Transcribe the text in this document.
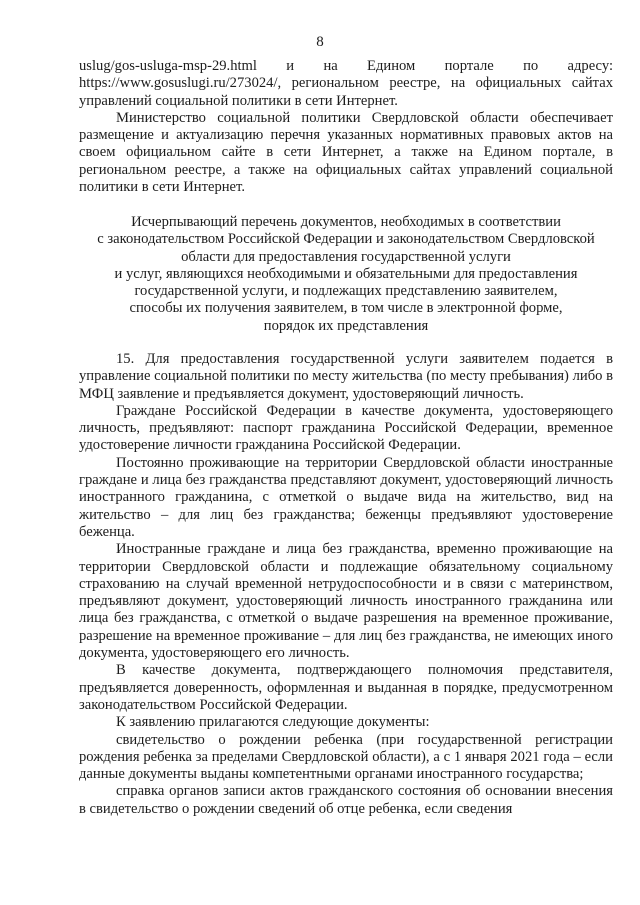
8

uslug/gos-usluga-msp-29.html и на Едином портале по адресу: https://www.gosuslugi.ru/273024/, региональном реестре, на официальных сайтах управлений социальной политики в сети Интернет.

Министерство социальной политики Свердловской области обеспечивает размещение и актуализацию перечня указанных нормативных правовых актов на своем официальном сайте в сети Интернет, а также на Едином портале, в региональном реестре, а также на официальных сайтах управлений социальной политики в сети Интернет.

Исчерпывающий перечень документов, необходимых в соответствии
с законодательством Российской Федерации и законодательством Свердловской
области для предоставления государственной услуги
и услуг, являющихся необходимыми и обязательными для предоставления
государственной услуги, и подлежащих представлению заявителем,
способы их получения заявителем, в том числе в электронной форме,
порядок их представления

15. Для предоставления государственной услуги заявителем подается в управление социальной политики по месту жительства (по месту пребывания) либо в МФЦ заявление и предъявляется документ, удостоверяющий личность.

Граждане Российской Федерации в качестве документа, удостоверяющего личность, предъявляют: паспорт гражданина Российской Федерации, временное удостоверение личности гражданина Российской Федерации.

Постоянно проживающие на территории Свердловской области иностранные граждане и лица без гражданства представляют документ, удостоверяющий личность иностранного гражданина, с отметкой о выдаче вида на жительство, вид на жительство – для лиц без гражданства; беженцы предъявляют удостоверение беженца.

Иностранные граждане и лица без гражданства, временно проживающие на территории Свердловской области и подлежащие обязательному социальному страхованию на случай временной нетрудоспособности и в связи с материнством, предъявляют документ, удостоверяющий личность иностранного гражданина или лица без гражданства, с отметкой о выдаче разрешения на временное проживание, разрешение на временное проживание – для лиц без гражданства, не имеющих иного документа, удостоверяющего его личность.

В качестве документа, подтверждающего полномочия представителя, предъявляется доверенность, оформленная и выданная в порядке, предусмотренном законодательством Российской Федерации.

К заявлению прилагаются следующие документы:

свидетельство о рождении ребенка (при государственной регистрации рождения ребенка за пределами Свердловской области), а с 1 января 2021 года – если данные документы выданы компетентными органами иностранного государства;

справка органов записи актов гражданского состояния об основании внесения в свидетельство о рождении сведений об отце ребенка, если сведения
